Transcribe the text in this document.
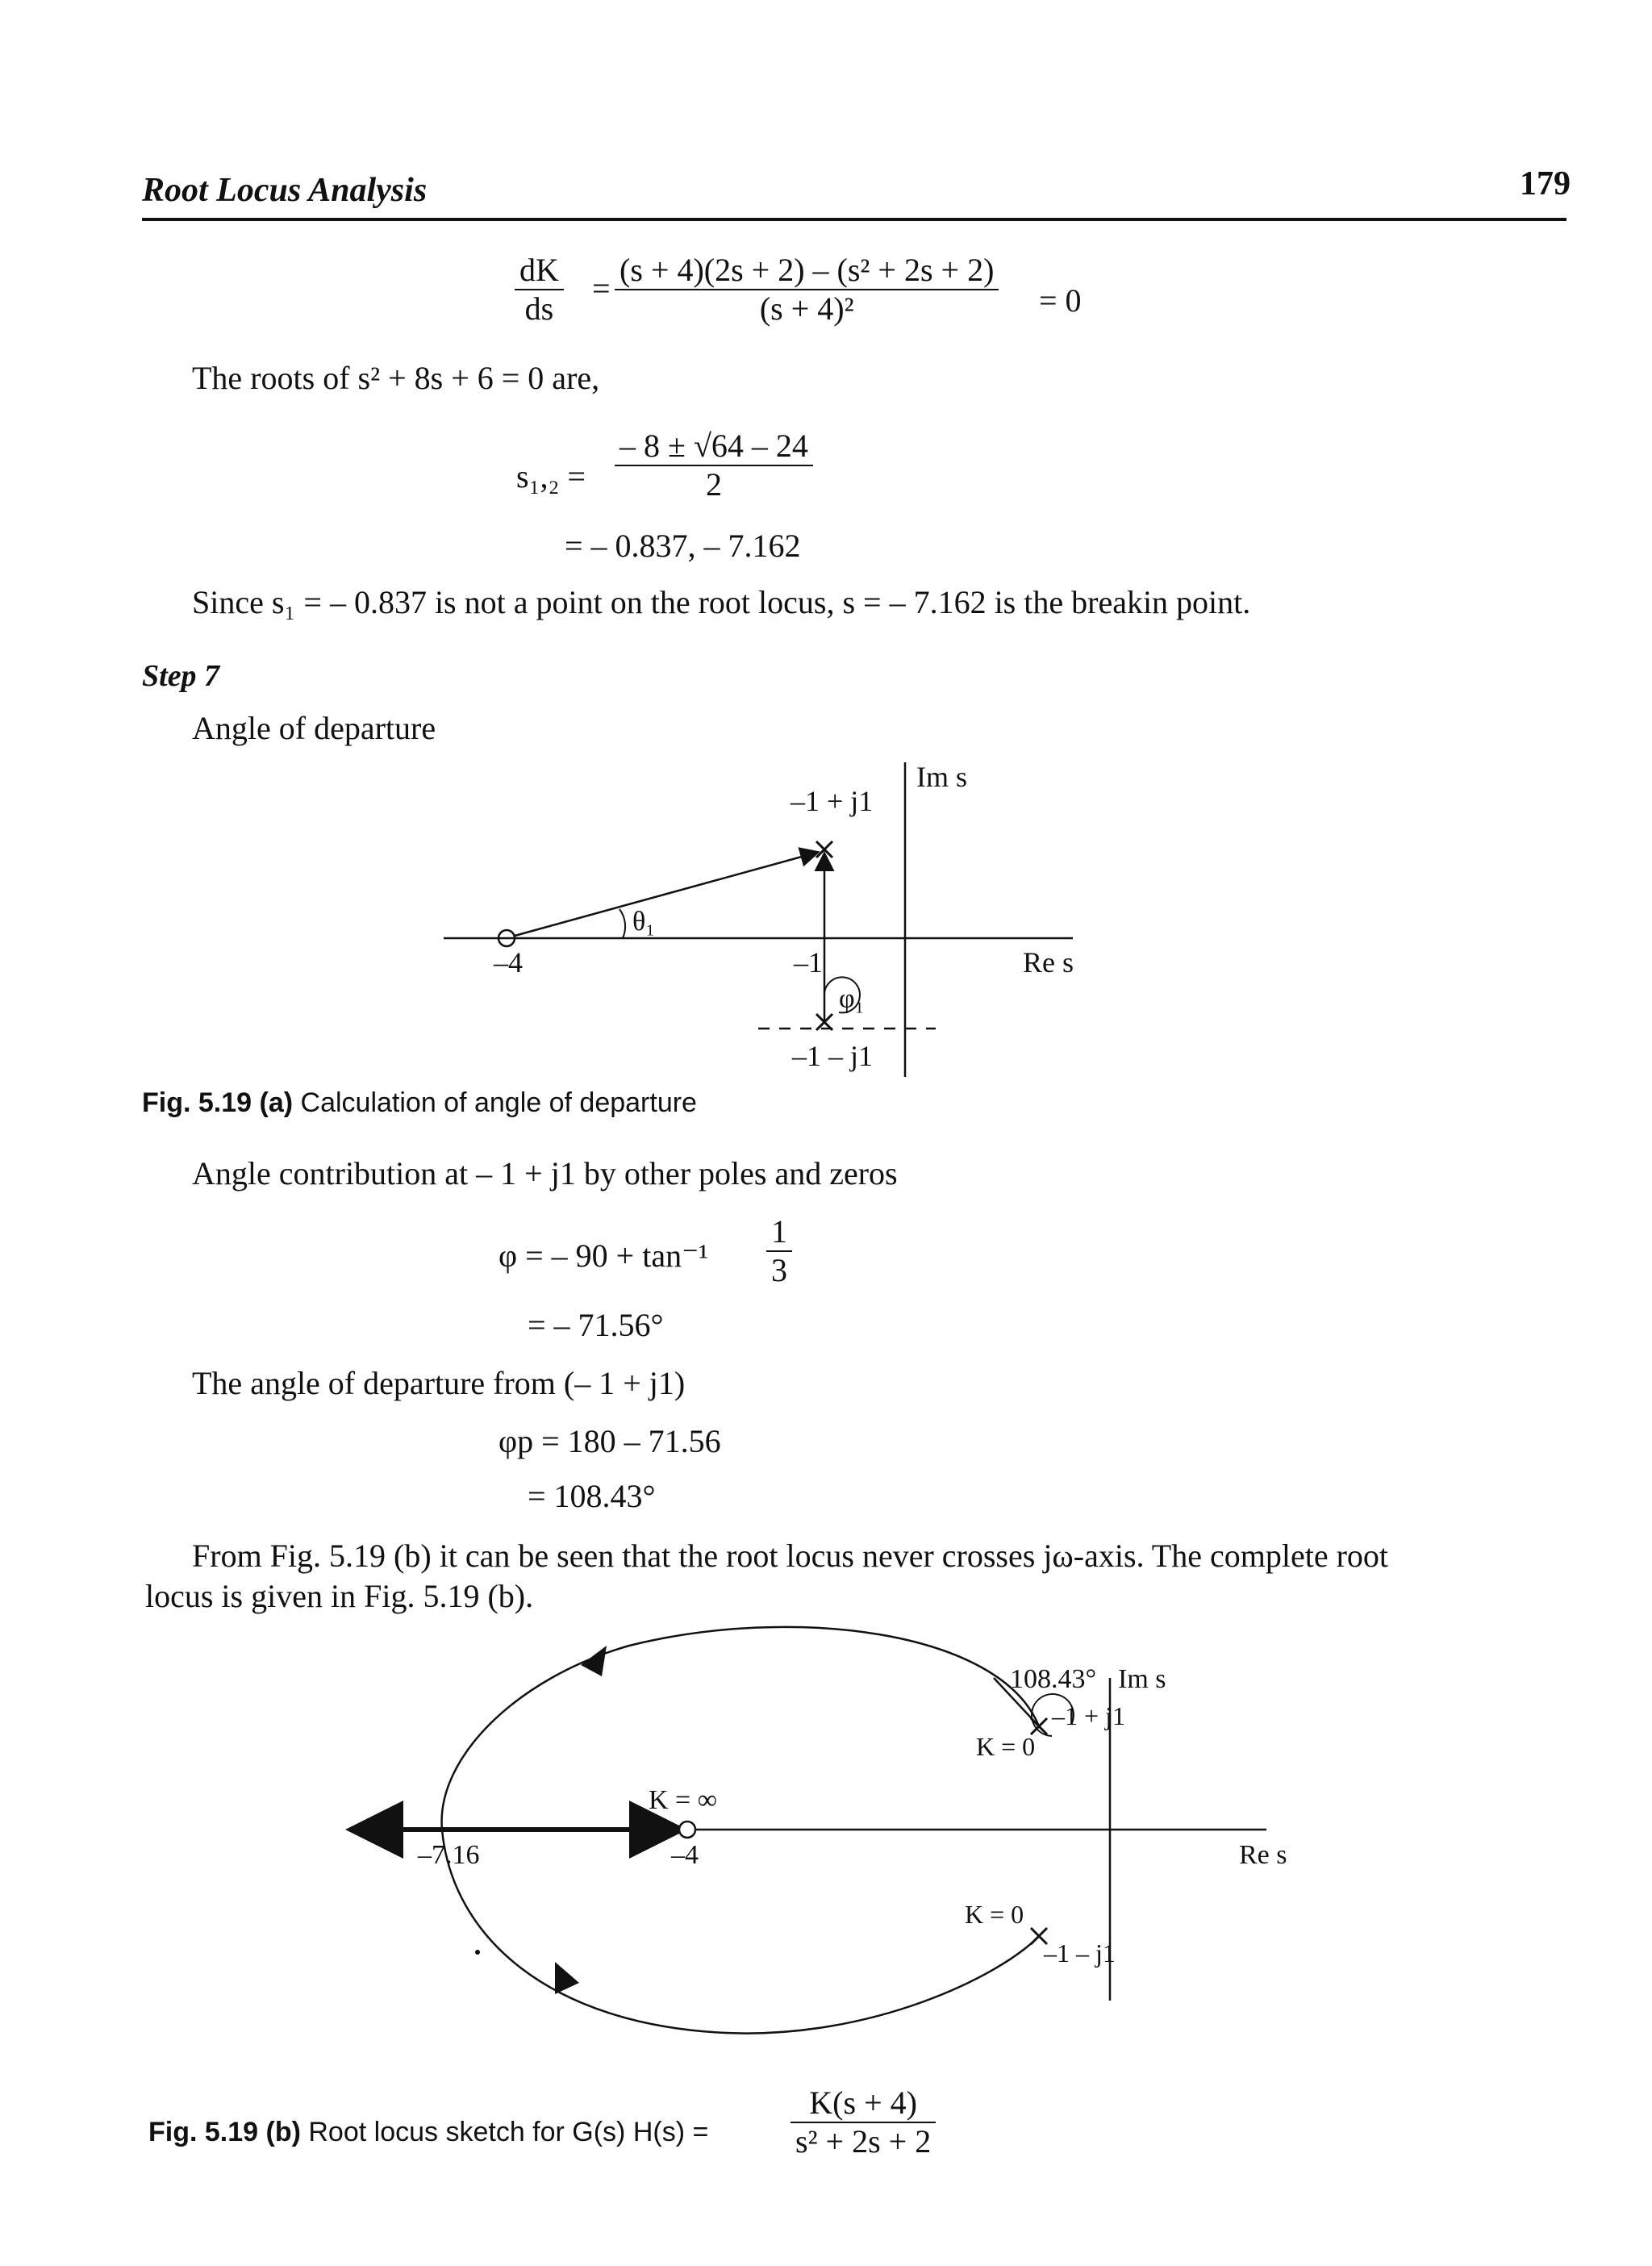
Root Locus Analysis	179
$\frac{dK}{ds} = \frac{\text{(s + 4)(2s + 2) – (s² + 2s + 2)}}{\text{(s + 4)²}} = 0$
The roots of s² + 8s + 6 = 0 are,
$s_1,_2 = \frac{- 8 \pm √64 - 24}{2}$
= – 0.837, – 7.162
Since s₁ = – 0.837 is not a point on the root locus, s = – 7.162 is the breakin point.
Step 7
Angle of departure
–1 + j1
–1 – j1
Im s
Re s
–4	–1
θ₁
φ₁
Fig. 5.19 (a) Calculation of angle of departure
Angle contribution at – 1 + j1 by other poles and zeros
φ = – $90 + \tan^{-1} \frac{1}{3}$
= – 71.56°
The angle of departure from (– 1 + j1)
φp = 180 – 71.56
= 108.43°
From Fig. 5.19 (b) it can be seen that the root locus never crosses jω-axis. The complete root
locus is given in Fig. 5.19 (b).
108.43° Im s
Re s
–1 + j1
K = 0
K = 0
–1 – j1
K = ∞
–4
–7.16
Fig. 5.19 (b) Root locus sketch for G(s) H(s) =	$\frac{K(s + 4)}{\text{s² + 2s + 2}}$
